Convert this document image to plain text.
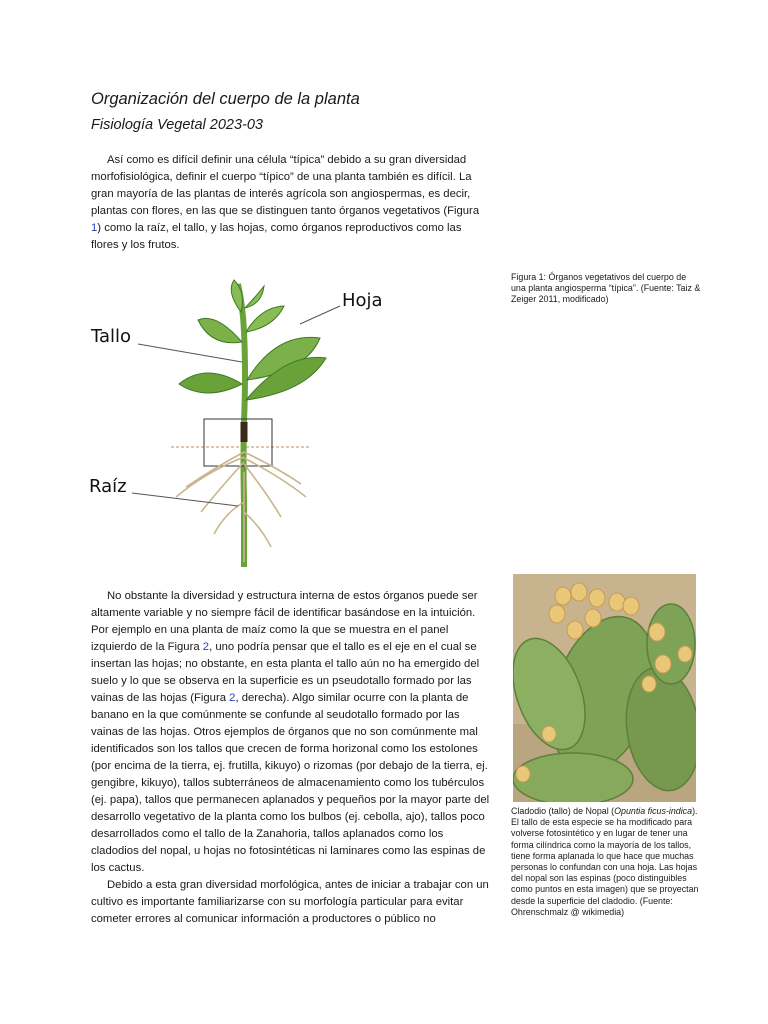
Organización del cuerpo de la planta
Fisiología Vegetal 2023-03
Así como es difícil definir una célula “típica” debido a su gran diversidad morfofisiológica, definir el cuerpo “típico” de una planta también es difícil. La gran mayoría de las plantas de interés agrícola son angiospermas, es decir, plantas con flores, en las que se distinguen tanto órganos vegetativos (Figura 1) como la raíz, el tallo, y las hojas, como órganos reproductivos como las flores y los frutos.
Hoja
Tallo
Raíz
Figura 1: Órganos vegetativos del cuerpo de una planta angiosperma “típica”. (Fuente: Taiz & Zeiger 2011, modificado)
No obstante la diversidad y estructura interna de estos órganos puede ser altamente variable y no siempre fácil de identificar basándose en la intuición. Por ejemplo en una planta de maíz como la que se muestra en el panel izquierdo de la Figura 2, uno podría pensar que el tallo es el eje en el cual se insertan las hojas; no obstante, en esta planta el tallo aún no ha emergido del suelo y lo que se observa en la superficie es un pseudotallo formado por las vainas de las hojas (Figura 2, derecha). Algo similar ocurre con la planta de banano en la que comúnmente se confunde al seudotallo formado por las vainas de las hojas. Otros ejemplos de órganos que no son comúnmente mal identificados son los tallos que crecen de forma horizonal como los estolones (por encima de la tierra, ej. frutilla, kikuyo) o rizomas (por debajo de la tierra, ej. gengibre, kikuyo), tallos subterráneos de almacenamiento como los tubérculos (ej. papa), tallos que permanecen aplanados y pequeños por la mayor parte del desarrollo vegetativo de la planta como los bulbos (ej. cebolla, ajo), tallos poco desarrollados como el tallo de la Zanahoria, tallos aplanados como los cladodios del nopal, u hojas no fotosintéticas ni laminares como las espinas de los cactus.
Debido a esta gran diversidad morfológica, antes de iniciar a trabajar con un cultivo es importante familiarizarse con su morfología particular para evitar cometer errores al comunicar información a productores o público no
Cladodio (tallo) de Nopal (Opuntia ficus-indica). El tallo de esta especie se ha modificado para volverse fotosintético y en lugar de tener una forma cilíndrica como la mayoría de los tallos, tiene forma aplanada lo que hace que muchas personas lo confundan con una hoja. Las hojas del nopal son las espinas (poco distinguibles como puntos en esta imagen) que se proyectan desde la superficie del cladodio. (Fuente: Ohrenschmalz @ wikimedia)
